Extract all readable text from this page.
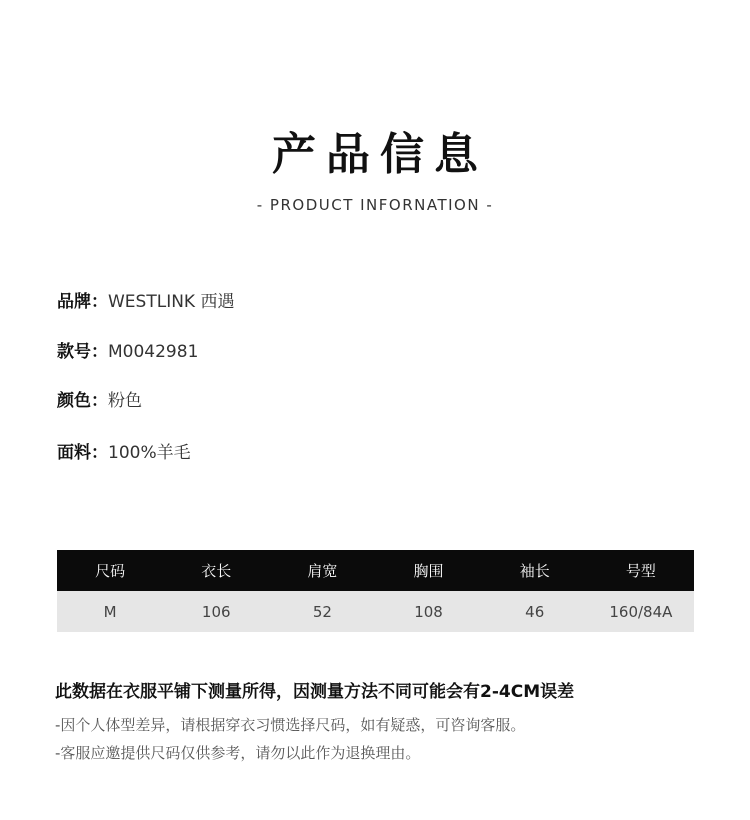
产品信息
- PRODUCT INFORNATION -
品牌：WESTLINK 西遇
款号：M0042981
颜色：粉色
面料：100%羊毛
尺码	衣长	肩宽	胸围	袖长	号型
M	106	52	108	46	160/84A
此数据在衣服平铺下测量所得，因测量方法不同可能会有2-4CM误差
-因个人体型差异，请根据穿衣习惯选择尺码，如有疑惑，可咨询客服。
-客服应邀提供尺码仅供参考，请勿以此作为退换理由。
